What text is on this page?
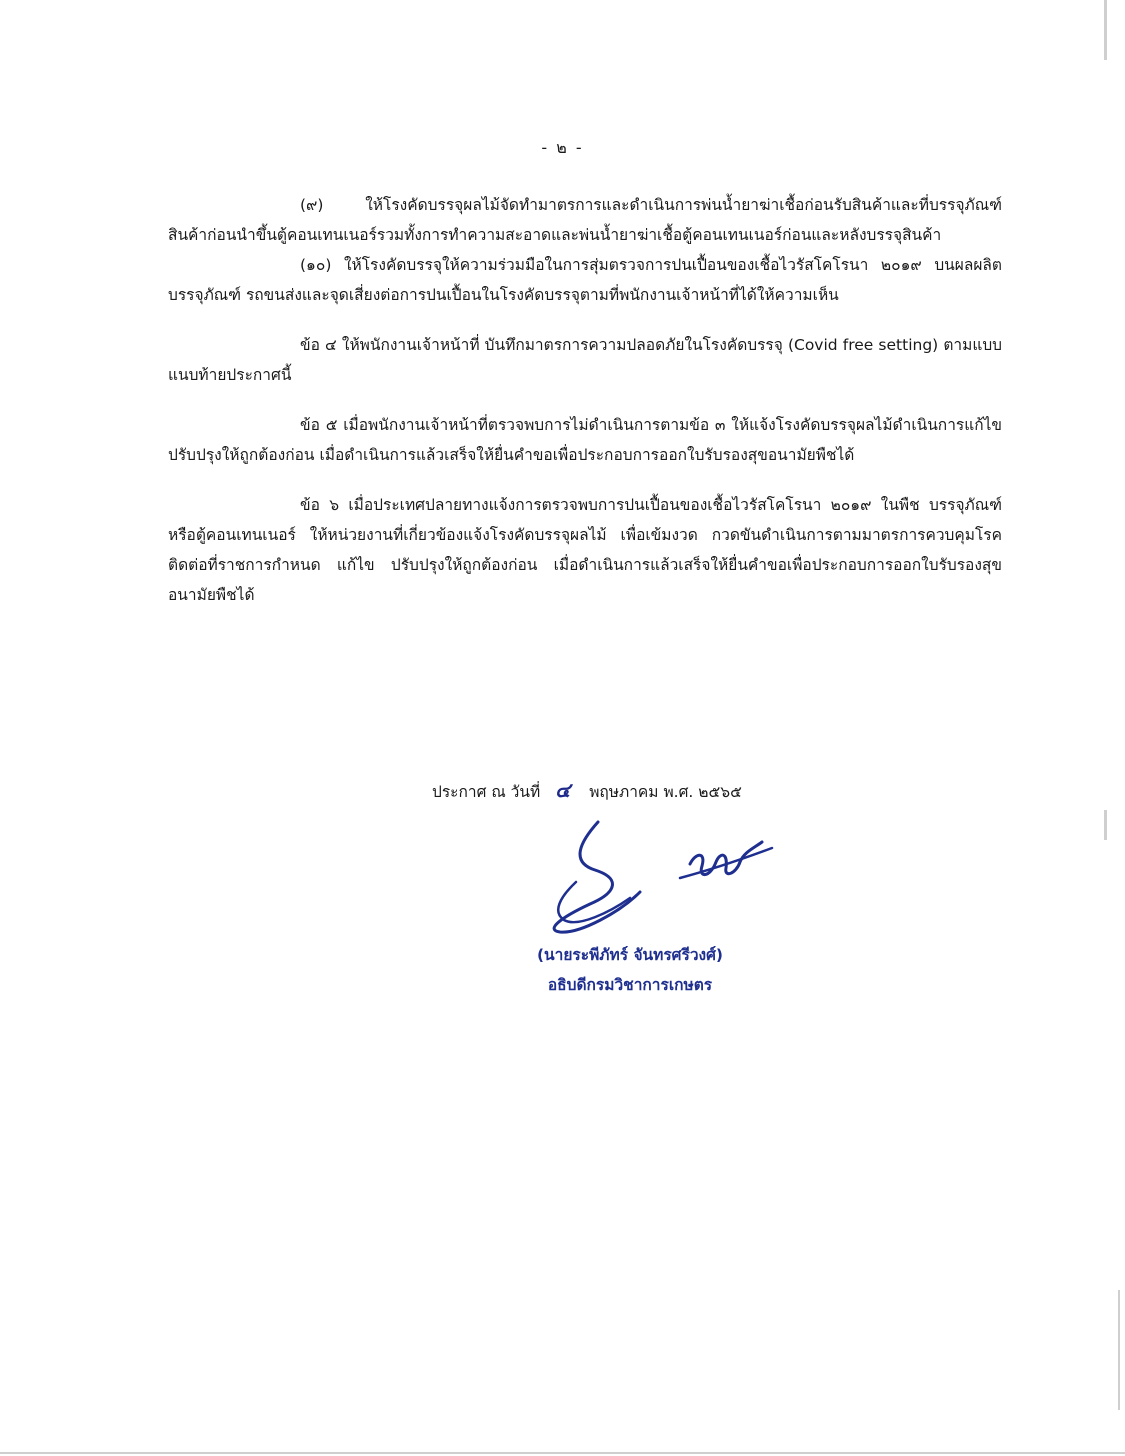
- ๒ -

(๙) ให้โรงคัดบรรจุผลไม้จัดทำมาตรการและดำเนินการพ่นน้ำยาฆ่าเชื้อก่อนรับสินค้าและที่บรรจุภัณฑ์สินค้าก่อนนำขึ้นตู้คอนเทนเนอร์รวมทั้งการทำความสะอาดและพ่นน้ำยาฆ่าเชื้อตู้คอนเทนเนอร์ก่อนและหลังบรรจุสินค้า

(๑๐) ให้โรงคัดบรรจุให้ความร่วมมือในการสุ่มตรวจการปนเปื้อนของเชื้อไวรัสโคโรนา ๒๐๑๙ บนผลผลิต บรรจุภัณฑ์ รถขนส่งและจุดเสี่ยงต่อการปนเปื้อนในโรงคัดบรรจุตามที่พนักงานเจ้าหน้าที่ได้ให้ความเห็น

ข้อ ๔ ให้พนักงานเจ้าหน้าที่ บันทึกมาตรการความปลอดภัยในโรงคัดบรรจุ (Covid free setting) ตามแบบแนบท้ายประกาศนี้

ข้อ ๕ เมื่อพนักงานเจ้าหน้าที่ตรวจพบการไม่ดำเนินการตามข้อ ๓ ให้แจ้งโรงคัดบรรจุผลไม้ดำเนินการแก้ไข ปรับปรุงให้ถูกต้องก่อน เมื่อดำเนินการแล้วเสร็จให้ยื่นคำขอเพื่อประกอบการออกใบรับรองสุขอนามัยพืชได้

ข้อ ๖ เมื่อประเทศปลายทางแจ้งการตรวจพบการปนเปื้อนของเชื้อไวรัสโคโรนา ๒๐๑๙ ในพืช บรรจุภัณฑ์ หรือตู้คอนเทนเนอร์ ให้หน่วยงานที่เกี่ยวข้องแจ้งโรงคัดบรรจุผลไม้ เพื่อเข้มงวด กวดขันดำเนินการตามมาตรการควบคุมโรคติดต่อที่ราชการกำหนด แก้ไข ปรับปรุงให้ถูกต้องก่อน เมื่อดำเนินการแล้วเสร็จให้ยื่นคำขอเพื่อประกอบการออกใบรับรองสุขอนามัยพืชได้

ประกาศ ณ วันที่ ๔ พฤษภาคม พ.ศ. ๒๕๖๕
(นายระพีภัทร์ จันทรศรีวงศ์)
อธิบดีกรมวิชาการเกษตร
